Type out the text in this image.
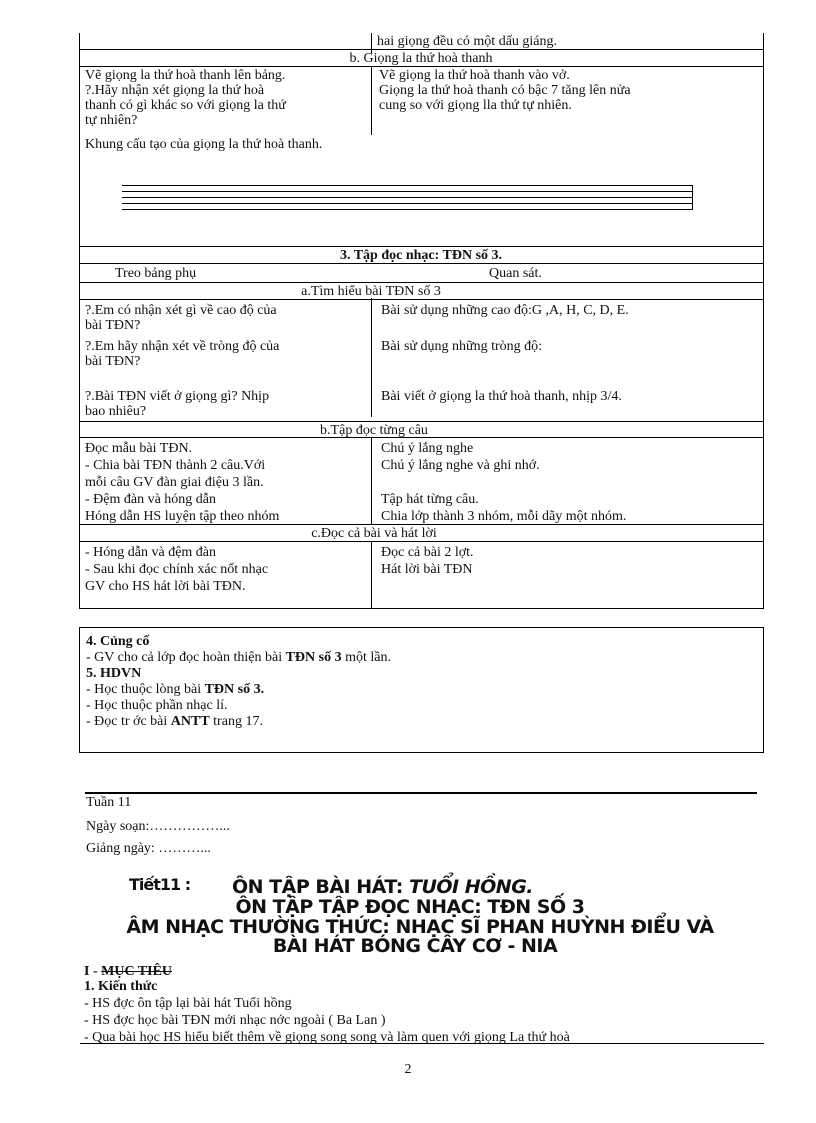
hai giọng đều có một dấu giáng.
b. Giọng la thứ hoà thanh
Vẽ giọng la thứ hoà thanh lên bảng.
?.Hãy nhận xét giọng la thứ hoà
thanh có gì khác so với giọng la thứ
tự nhiên?
Vẽ giọng la thứ hoà thanh vào vở.
Giọng la thứ hoà thanh có bậc 7 tăng lên nửa
cung so với giọng lla thứ tự nhiên.
Khung cấu tạo của giọng la thứ hoà thanh.
3. Tập đọc nhạc: TĐN số 3.
Treo bảng phụ	Quan sát.
a.Tìm hiểu bài TĐN số 3
?.Em có nhận xét gì về cao độ của
bài TĐN?
Bài sử dụng những cao độ:G ,A, H, C, D, E.
?.Em hãy nhận xét về tròng độ của
bài TĐN?
Bài sử dụng những tròng độ:
?.Bài TĐN viết ở giọng gì? Nhịp
bao nhiêu?
Bài viết ở giọng la thứ hoà thanh, nhịp 3/4.
b.Tập đọc từng câu
Đọc mẫu bài TĐN.
- Chia bài TĐN thành 2 câu.Với
mỗi câu GV đàn giai điệu 3 lần.
- Đệm đàn và hóng dẫn
Hóng dẫn HS luyện tập theo nhóm
Chú ý lắng nghe
Chú ý lắng nghe và ghi nhớ.
Tập hát từng câu.
Chia lớp thành 3 nhóm, mỗi dãy một nhóm.
c.Đọc cả bài và hát lời
- Hóng dẫn và đệm đàn
- Sau khi đọc chính xác nốt nhạc
GV cho HS hát lời bài TĐN.
Đọc cả bài 2 lợt.
Hát lời bài TĐN
4. Củng cố
- GV cho cả lớp đọc hoàn thiện bài TĐN số 3 một lần.
5. HDVN
- Học thuộc lòng bài TĐN số 3.
- Học thuộc phần nhạc lí.
- Đọc tr ớc bài ANTT trang 17.
Tuần 11
Ngày soạn:……………...
Giảng ngày: ………...
Tiết11 : ÔN TẬP BÀI HÁT: TUỔI HỒNG.
ÔN TẬP TẬP ĐỌC NHẠC: TĐN SỐ 3
ÂM NHẠC THƯỜNG THỨC: NHẠC SĨ PHAN HUỲNH ĐIỂU VÀ
BÀI HÁT BÓNG CÂY CƠ - NIA
I - MỤC TIÊU
1. Kiến thức
- HS đợc ôn tập lại bài hát Tuổi hồng
- HS đợc học bài TĐN mới nhạc nớc ngoài ( Ba Lan )
- Qua bài học HS hiểu biết thêm về giọng song song và làm quen với giọng La thứ hoà
2
